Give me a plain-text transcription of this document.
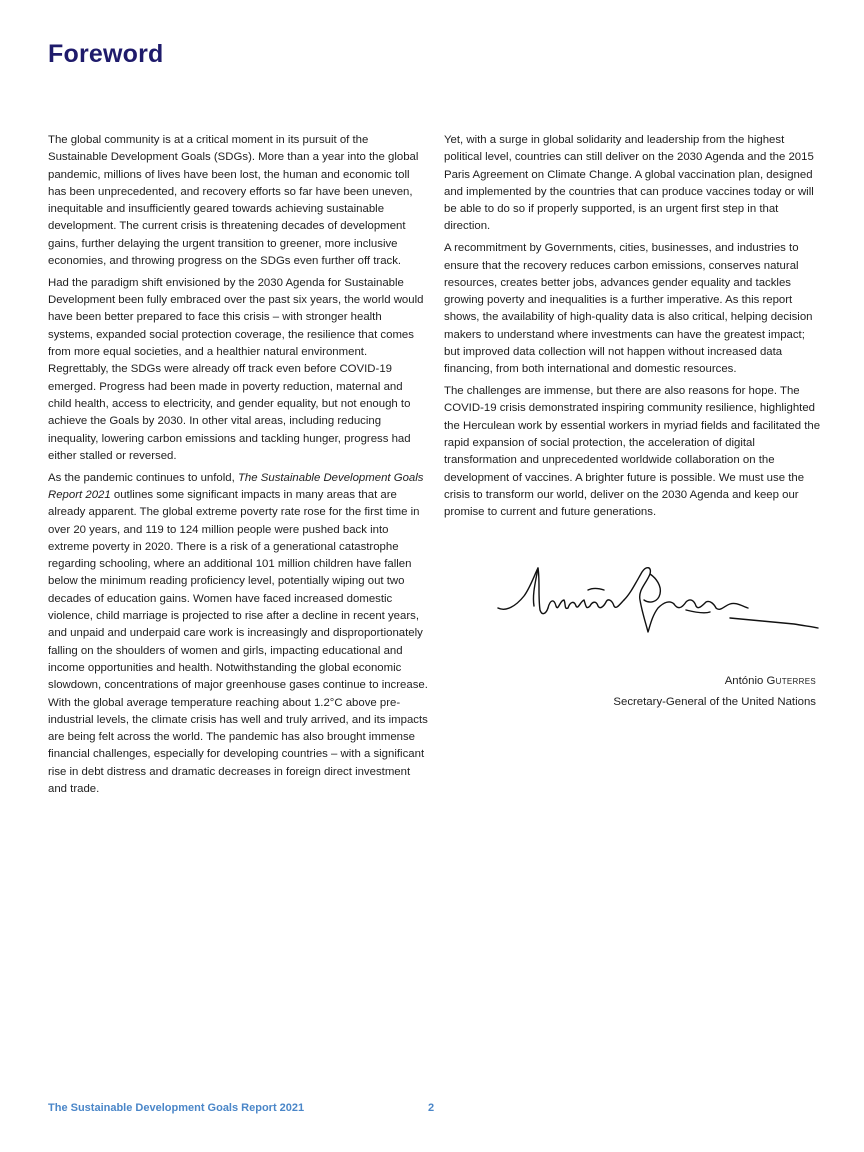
Foreword

The global community is at a critical moment in its pursuit of the Sustainable Development Goals (SDGs). More than a year into the global pandemic, millions of lives have been lost, the human and economic toll has been unprecedented, and recovery efforts so far have been uneven, inequitable and insufficiently geared towards achieving sustainable development. The current crisis is threatening decades of development gains, further delaying the urgent transition to greener, more inclusive economies, and throwing progress on the SDGs even further off track.

Had the paradigm shift envisioned by the 2030 Agenda for Sustainable Development been fully embraced over the past six years, the world would have been better prepared to face this crisis – with stronger health systems, expanded social protection coverage, the resilience that comes from more equal societies, and a healthier natural environment. Regrettably, the SDGs were already off track even before COVID-19 emerged. Progress had been made in poverty reduction, maternal and child health, access to electricity, and gender equality, but not enough to achieve the Goals by 2030. In other vital areas, including reducing inequality, lowering carbon emissions and tackling hunger, progress had either stalled or reversed.

As the pandemic continues to unfold, The Sustainable Development Goals Report 2021 outlines some significant impacts in many areas that are already apparent. The global extreme poverty rate rose for the first time in over 20 years, and 119 to 124 million people were pushed back into extreme poverty in 2020. There is a risk of a generational catastrophe regarding schooling, where an additional 101 million children have fallen below the minimum reading proficiency level, potentially wiping out two decades of education gains. Women have faced increased domestic violence, child marriage is projected to rise after a decline in recent years, and unpaid and underpaid care work is increasingly and disproportionately falling on the shoulders of women and girls, impacting educational and income opportunities and health. Notwithstanding the global economic slowdown, concentrations of major greenhouse gases continue to increase. With the global average temperature reaching about 1.2°C above pre-industrial levels, the climate crisis has well and truly arrived, and its impacts are being felt across the world. The pandemic has also brought immense financial challenges, especially for developing countries – with a significant rise in debt distress and dramatic decreases in foreign direct investment and trade.

Yet, with a surge in global solidarity and leadership from the highest political level, countries can still deliver on the 2030 Agenda and the 2015 Paris Agreement on Climate Change. A global vaccination plan, designed and implemented by the countries that can produce vaccines today or will be able to do so if properly supported, is an urgent first step in that direction.

A recommitment by Governments, cities, businesses, and industries to ensure that the recovery reduces carbon emissions, conserves natural resources, creates better jobs, advances gender equality and tackles growing poverty and inequalities is a further imperative. As this report shows, the availability of high-quality data is also critical, helping decision makers to understand where investments can have the greatest impact; but improved data collection will not happen without increased data financing, from both international and domestic resources.

The challenges are immense, but there are also reasons for hope. The COVID-19 crisis demonstrated inspiring community resilience, highlighted the Herculean work by essential workers in myriad fields and facilitated the rapid expansion of social protection, the acceleration of digital transformation and unprecedented worldwide collaboration on the development of vaccines. A brighter future is possible. We must use the crisis to transform our world, deliver on the 2030 Agenda and keep our promise to current and future generations.

António Guterres
Secretary-General of the United Nations
The Sustainable Development Goals Report 2021	2
